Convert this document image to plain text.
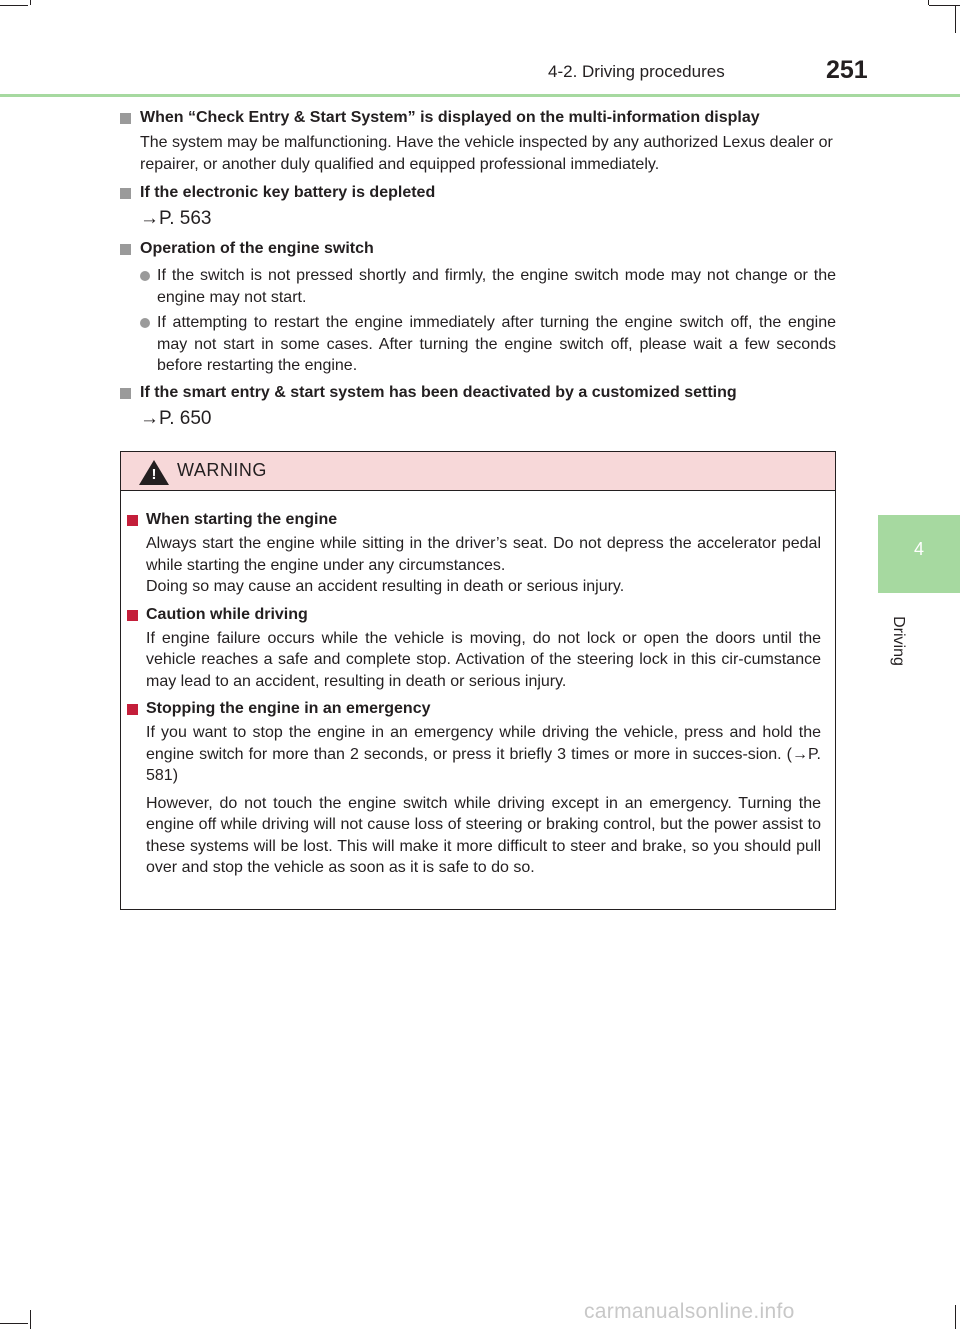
4-2. Driving procedures	251
4
Driving

When “Check Entry & Start System” is displayed on the multi-information display

The system may be malfunctioning. Have the vehicle inspected by any authorized Lexus dealer or repairer, or another duly qualified and equipped professional immediately.

If the electronic key battery is depleted

→P. 563

Operation of the engine switch

If the switch is not pressed shortly and firmly, the engine switch mode may not change or the engine may not start.

If attempting to restart the engine immediately after turning the engine switch off, the engine may not start in some cases. After turning the engine switch off, please wait a few seconds before restarting the engine.

If the smart entry & start system has been deactivated by a customized setting

→P. 650

!	WARNING

When starting the engine

Always start the engine while sitting in the driver’s seat. Do not depress the accelerator pedal while starting the engine under any circumstances.
Doing so may cause an accident resulting in death or serious injury.

Caution while driving

If engine failure occurs while the vehicle is moving, do not lock or open the doors until the vehicle reaches a safe and complete stop. Activation of the steering lock in this cir-cumstance may lead to an accident, resulting in death or serious injury.

Stopping the engine in an emergency

If you want to stop the engine in an emergency while driving the vehicle, press and hold the engine switch for more than 2 seconds, or press it briefly 3 times or more in succes-sion. (→P. 581)

However, do not touch the engine switch while driving except in an emergency. Turning the engine off while driving will not cause loss of steering or braking control, but the power assist to these systems will be lost. This will make it more difficult to steer and brake, so you should pull over and stop the vehicle as soon as it is safe to do so.

carmanualsonline.info
